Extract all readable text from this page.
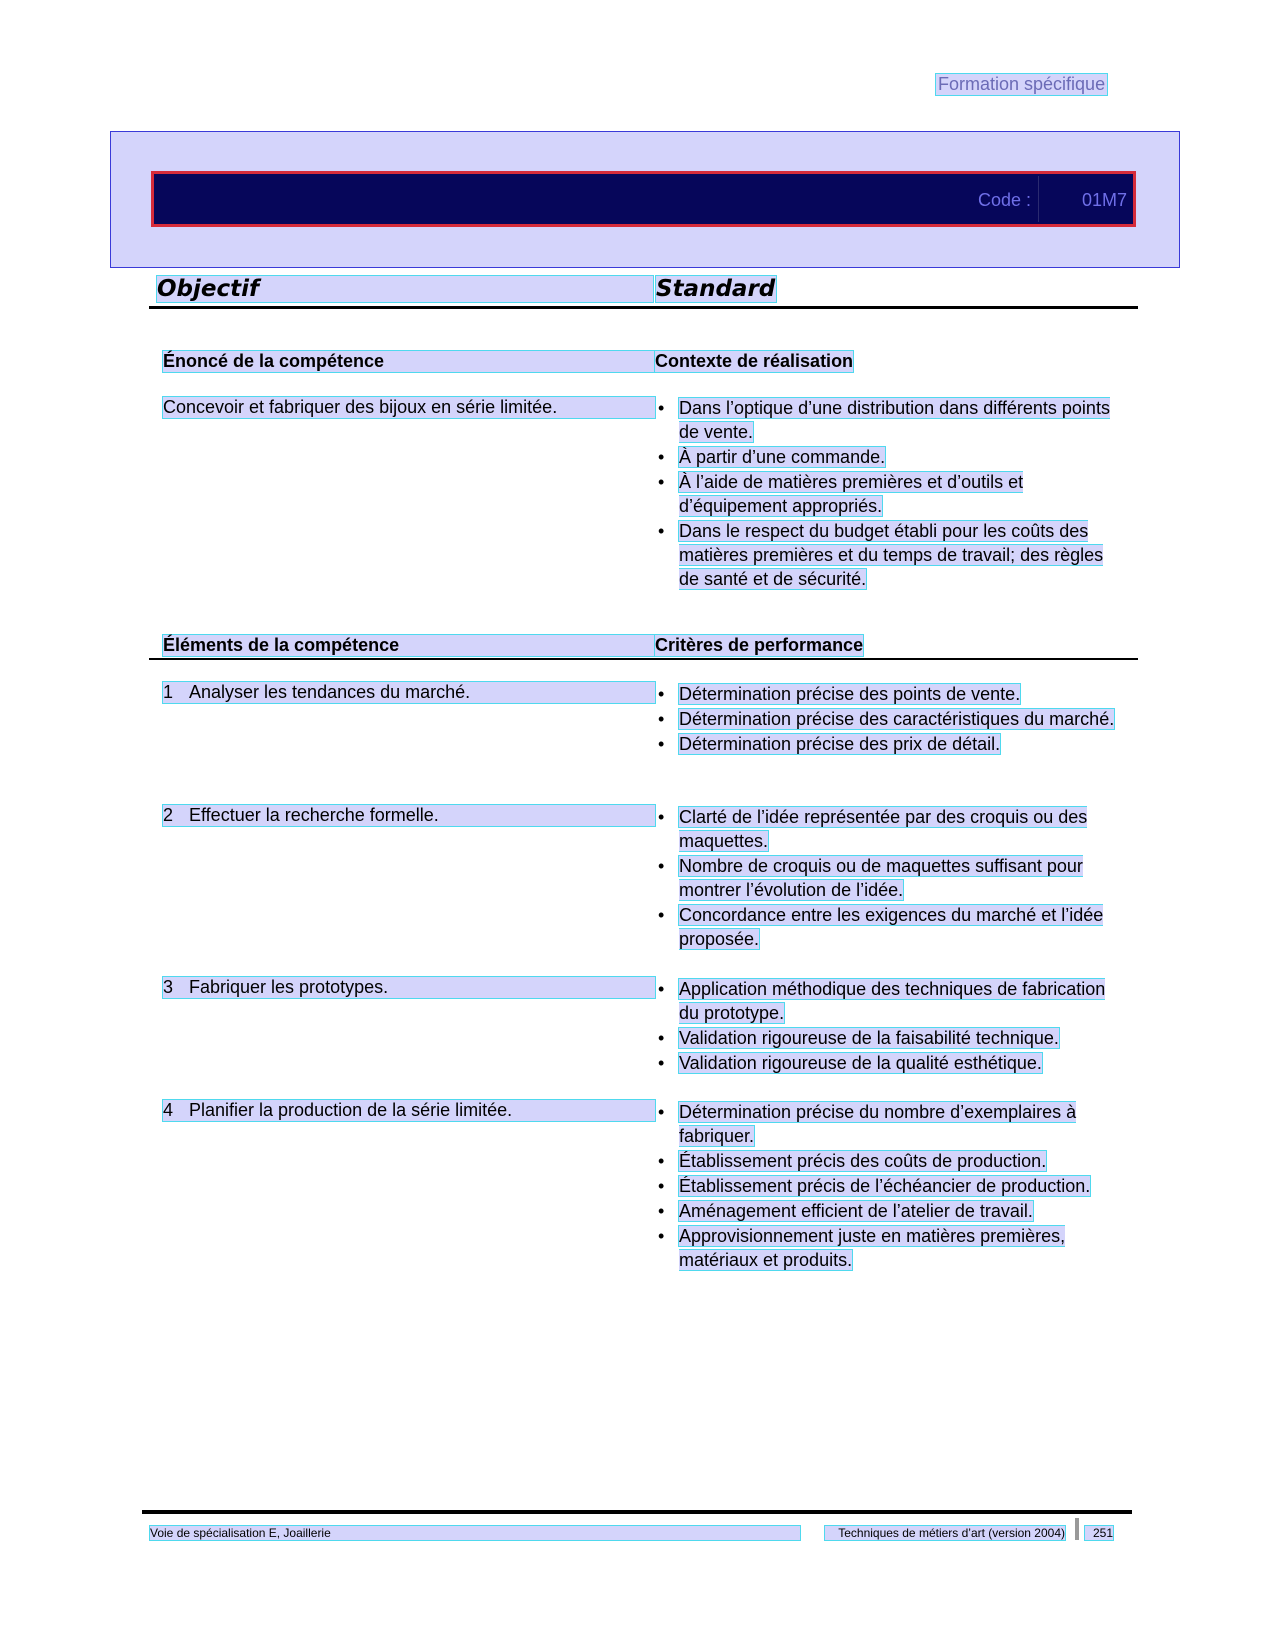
Formation spécifique
Code :	01M7
Objectif	Standard
Énoncé de la compétence	Contexte de réalisation
Concevoir et fabriquer des bijoux en série limitée.	• Dans l’optique d’une distribution dans différents points de vente.
• À partir d’une commande.
• À l’aide de matières premières et d’outils et d’équipement appropriés.
• Dans le respect du budget établi pour les coûts des matières premières et du temps de travail; des règles de santé et de sécurité.
Éléments de la compétence	Critères de performance
1 Analyser les tendances du marché.	• Détermination précise des points de vente.
• Détermination précise des caractéristiques du marché.
• Détermination précise des prix de détail.
2 Effectuer la recherche formelle.	• Clarté de l’idée représentée par des croquis ou des maquettes.
• Nombre de croquis ou de maquettes suffisant pour montrer l’évolution de l’idée.
• Concordance entre les exigences du marché et l’idée proposée.
3 Fabriquer les prototypes.	• Application méthodique des techniques de fabrication du prototype.
• Validation rigoureuse de la faisabilité technique.
• Validation rigoureuse de la qualité esthétique.
4 Planifier la production de la série limitée.	• Détermination précise du nombre d’exemplaires à fabriquer.
• Établissement précis des coûts de production.
• Établissement précis de l’échéancier de production.
• Aménagement efficient de l’atelier de travail.
• Approvisionnement juste en matières premières, matériaux et produits.
Voie de spécialisation E, Joaillerie	Techniques de métiers d’art (version 2004)	251
